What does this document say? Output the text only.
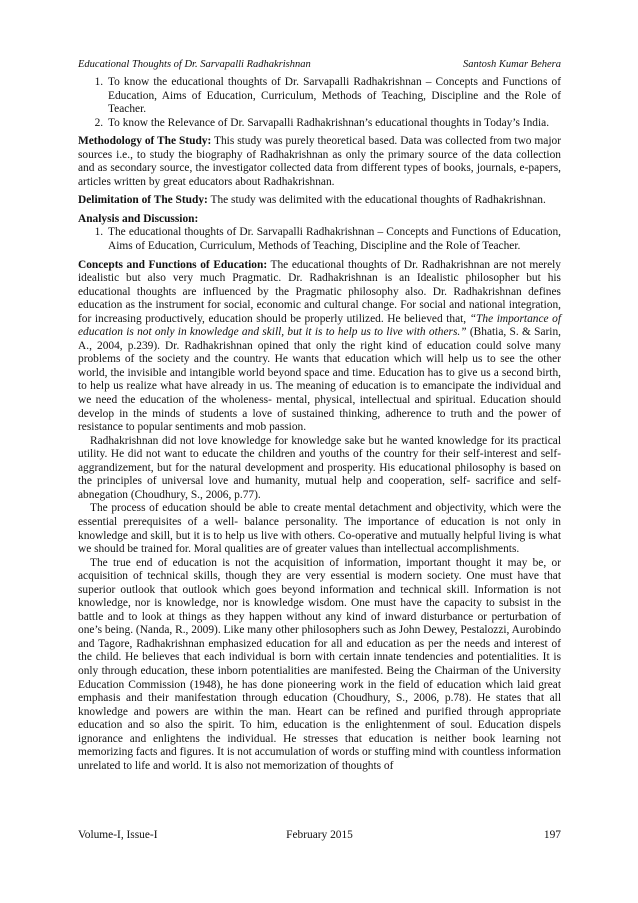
Educational Thoughts of Dr. Sarvapalli Radhakrishnan	Santosh Kumar Behera
1. To know the educational thoughts of Dr. Sarvapalli Radhakrishnan – Concepts and Functions of Education, Aims of Education, Curriculum, Methods of Teaching, Discipline and the Role of Teacher.
2. To know the Relevance of Dr. Sarvapalli Radhakrishnan’s educational thoughts in Today’s India.

Methodology of The Study: This study was purely theoretical based. Data was collected from two major sources i.e., to study the biography of Radhakrishnan as only the primary source of the data collection and as secondary source, the investigator collected data from different types of books, journals, e-papers, articles written by great educators about Radhakrishnan.

Delimitation of The Study: The study was delimited with the educational thoughts of Radhakrishnan.

Analysis and Discussion:

1. The educational thoughts of Dr. Sarvapalli Radhakrishnan – Concepts and Functions of Education, Aims of Education, Curriculum, Methods of Teaching, Discipline and the Role of Teacher.

Concepts and Functions of Education: The educational thoughts of Dr. Radhakrishnan are not merely idealistic but also very much Pragmatic. Dr. Radhakrishnan is an Idealistic philosopher but his educational thoughts are influenced by the Pragmatic philosophy also. Dr. Radhakrishnan defines education as the instrument for social, economic and cultural change. For social and national integration, for increasing productively, education should be properly utilized. He believed that, “The importance of education is not only in knowledge and skill, but it is to help us to live with others.” (Bhatia, S. & Sarin, A., 2004, p.239). Dr. Radhakrishnan opined that only the right kind of education could solve many problems of the society and the country. He wants that education which will help us to see the other world, the invisible and intangible world beyond space and time. Education has to give us a second birth, to help us realize what have already in us. The meaning of education is to emancipate the individual and we need the education of the wholeness- mental, physical, intellectual and spiritual. Education should develop in the minds of students a love of sustained thinking, adherence to truth and the power of resistance to popular sentiments and mob passion.

Radhakrishnan did not love knowledge for knowledge sake but he wanted knowledge for its practical utility. He did not want to educate the children and youths of the country for their self-interest and self-aggrandizement, but for the natural development and prosperity. His educational philosophy is based on the principles of universal love and humanity, mutual help and cooperation, self- sacrifice and self-abnegation (Choudhury, S., 2006, p.77).

The process of education should be able to create mental detachment and objectivity, which were the essential prerequisites of a well- balance personality. The importance of education is not only in knowledge and skill, but it is to help us live with others. Co-operative and mutually helpful living is what we should be trained for. Moral qualities are of greater values than intellectual accomplishments.

The true end of education is not the acquisition of information, important thought it may be, or acquisition of technical skills, though they are very essential is modern society. One must have that superior outlook that outlook which goes beyond information and technical skill. Information is not knowledge, nor is knowledge, nor is knowledge wisdom. One must have the capacity to subsist in the battle and to look at things as they happen without any kind of inward disturbance or perturbation of one’s being. (Nanda, R., 2009). Like many other philosophers such as John Dewey, Pestalozzi, Aurobindo and Tagore, Radhakrishnan emphasized education for all and education as per the needs and interest of the child. He believes that each individual is born with certain innate tendencies and potentialities. It is only through education, these inborn potentialities are manifested. Being the Chairman of the University Education Commission (1948), he has done pioneering work in the field of education which laid great emphasis and their manifestation through education (Choudhury, S., 2006, p.78). He states that all knowledge and powers are within the man. Heart can be refined and purified through appropriate education and so also the spirit. To him, education is the enlightenment of soul. Education dispels ignorance and enlightens the individual. He stresses that education is neither book learning not memorizing facts and figures. It is not accumulation of words or stuffing mind with countless information unrelated to life and world. It is also not memorization of thoughts of

Volume-I, Issue-I	February 2015	197
